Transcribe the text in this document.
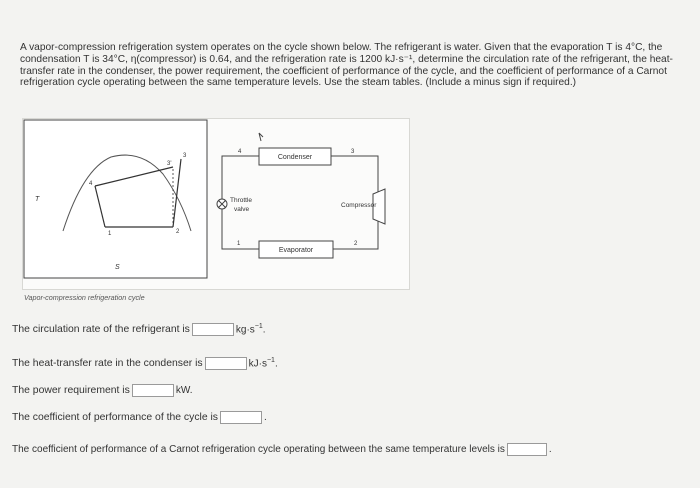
A vapor-compression refrigeration system operates on the cycle shown below. The refrigerant is water. Given that the evaporation T is 4°C, the condensation T is 34°C, η(compressor) is 0.64, and the refrigeration rate is 1200 kJ·s⁻¹, determine the circulation rate of the refrigerant, the heat-transfer rate in the condenser, the power requirement, the coefficient of performance of the cycle, and the coefficient of performance of a Carnot refrigeration cycle operating between the same temperature levels. Use the steam tables. (Include a minus sign if required.)
T
S
4
1	2
3
3'
Condenser
Evaporator
Compressor
Throttle
valve
4	3
1	2
Vapor-compression refrigeration cycle
The circulation rate of the refrigerant is	$kg\cdot s^{-1}$.
The heat-transfer rate in the condenser is	$kJ\cdot s^{-1}$.
The power requirement is	kW.
The coefficient of performance of the cycle is	.
The coefficient of performance of a Carnot refrigeration cycle operating between the same temperature levels is	.
